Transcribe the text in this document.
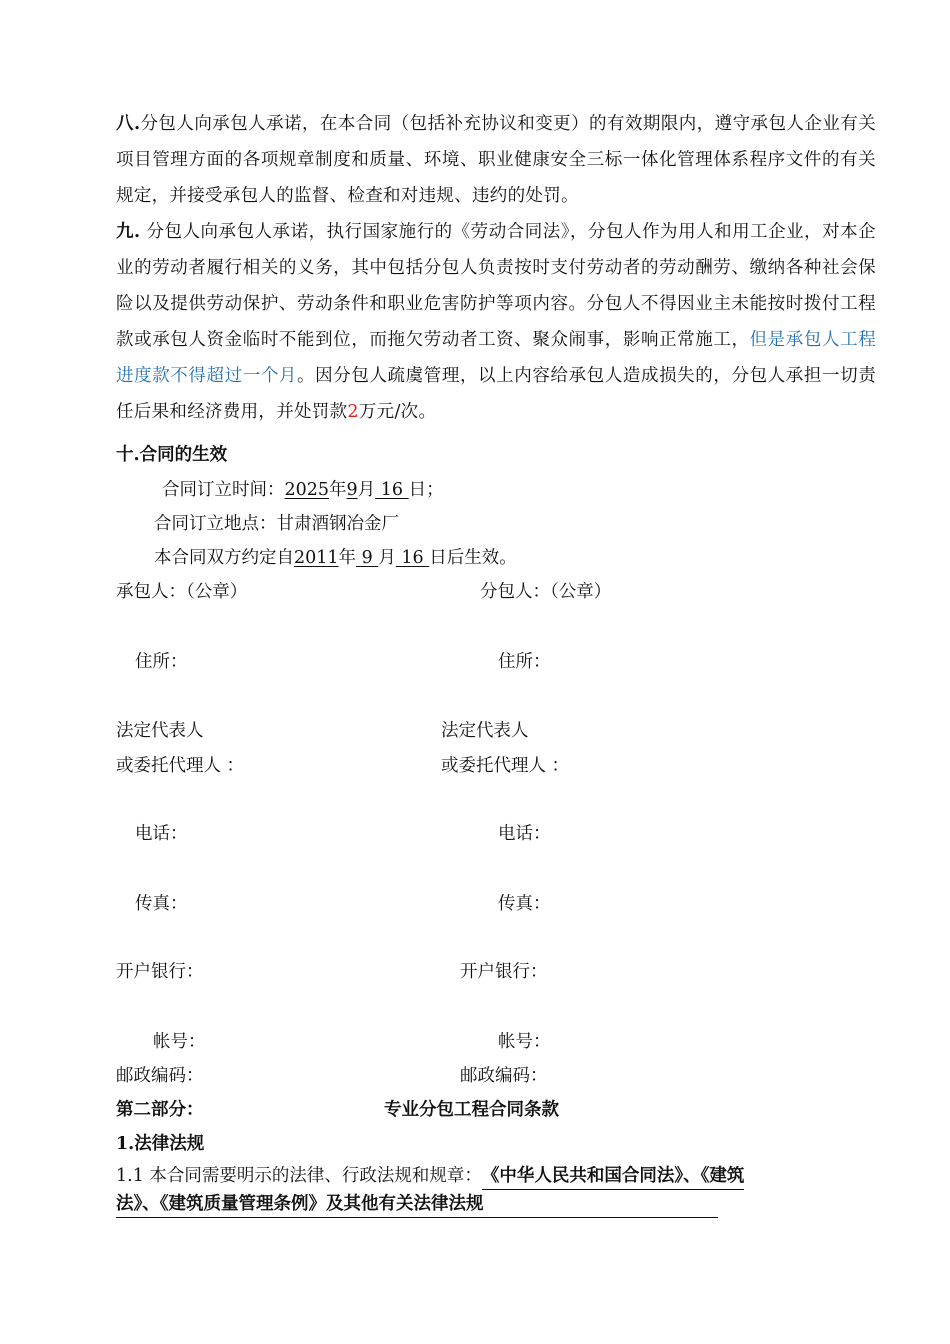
八.分包人向承包人承诺，在本合同（包括补充协议和变更）的有效期限内，遵守承包人企业有关项目管理方面的各项规章制度和质量、环境、职业健康安全三标一体化管理体系程序文件的有关规定，并接受承包人的监督、检查和对违规、违约的处罚。

九. 分包人向承包人承诺，执行国家施行的《劳动合同法》，分包人作为用人和用工企业，对本企业的劳动者履行相关的义务，其中包括分包人负责按时支付劳动者的劳动酬劳、缴纳各种社会保险以及提供劳动保护、劳动条件和职业危害防护等项内容。分包人不得因业主未能按时拨付工程款或承包人资金临时不能到位，而拖欠劳动者工资、聚众闹事，影响正常施工，但是承包人工程进度款不得超过一个月。因分包人疏虞管理，以上内容给承包人造成损失的，分包人承担一切责任后果和经济费用，并处罚款2万元/次。

十.合同的生效
合同订立时间：2025年9月 16 日；
合同订立地点：甘肃酒钢冶金厂
本合同双方约定自2011年 9 月 16 日后生效。
承包人：（公章）	分包人：（公章）
住所：	住所：
法定代表人	法定代表人
或委托代理人 ：	或委托代理人 ：
电话：	电话：
传真：	传真：
开户银行：	开户银行：
帐号：	帐号：
邮政编码：	邮政编码：
第二部分：	专业分包工程合同条款
1.法律法规
1.1 本合同需要明示的法律、行政法规和规章：《中华人民共和国合同法》、《建筑
法》、《建筑质量管理条例》及其他有关法律法规
